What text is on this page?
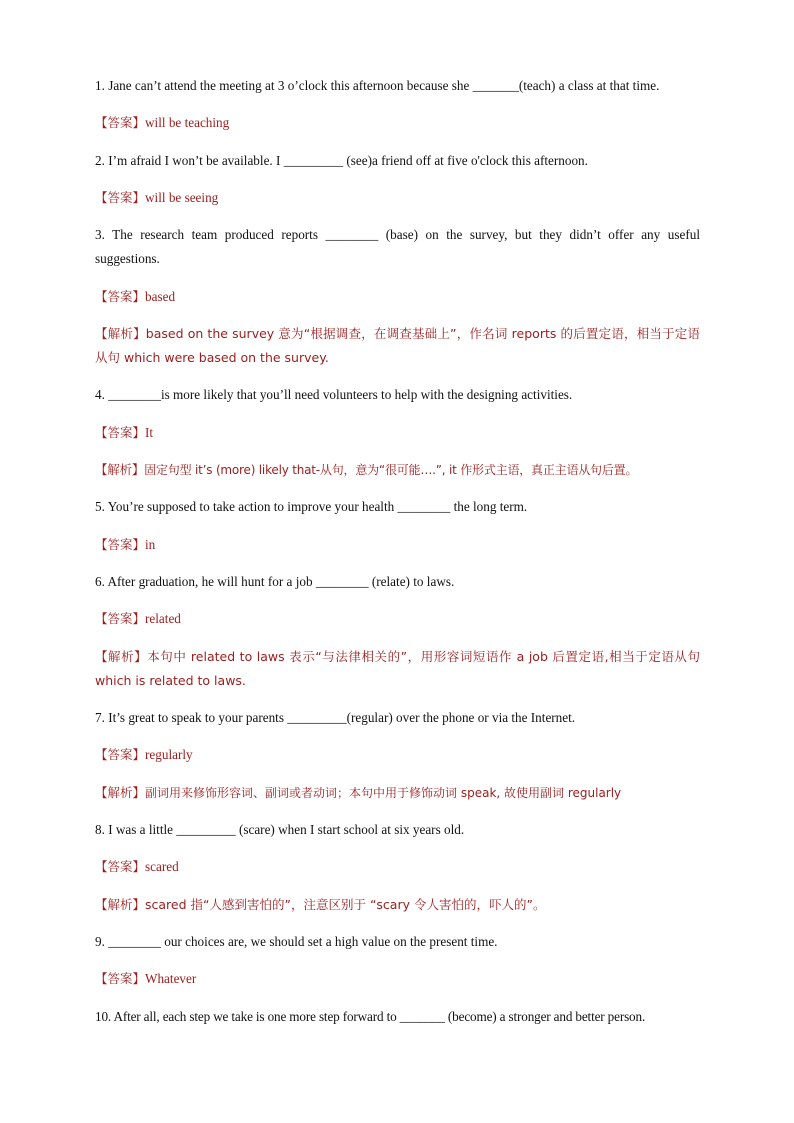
1. Jane can’t attend the meeting at 3 o’clock this afternoon because she _______(teach) a class at that time.
【答案】will be teaching
2. I’m afraid I won’t be available. I _________ (see)a friend off at five o'clock this afternoon.
【答案】will be seeing
3. The research team produced reports ________ (base) on the survey, but they didn’t offer any useful suggestions.
【答案】based
【解析】based on the survey 意为“根据调查，在调查基础上”，作名词 reports 的后置定语，相当于定语从句 which were based on the survey.
4. ________is more likely that you’ll need volunteers to help with the designing activities.
【答案】It
【解析】固定句型 it’s (more) likely that-从句，意为“很可能….”, it 作形式主语，真正主语从句后置。
5. You’re supposed to take action to improve your health ________ the long term.
【答案】in
6. After graduation, he will hunt for a job ________ (relate) to laws.
【答案】related
【解析】本句中 related to laws 表示“与法律相关的”，用形容词短语作 a job 后置定语,相当于定语从句 which is related to laws.
7. It’s great to speak to your parents _________(regular) over the phone or via the Internet.
【答案】regularly
【解析】副词用来修饰形容词、副词或者动词；本句中用于修饰动词 speak, 故使用副词 regularly
8. I was a little _________ (scare) when I start school at six years old.
【答案】scared
【解析】scared 指“人感到害怕的”，注意区别于 “scary 令人害怕的，吓人的”。
9. ________ our choices are, we should set a high value on the present time.
【答案】Whatever
10. After all, each step we take is one more step forward to _______ (become) a stronger and better person.
